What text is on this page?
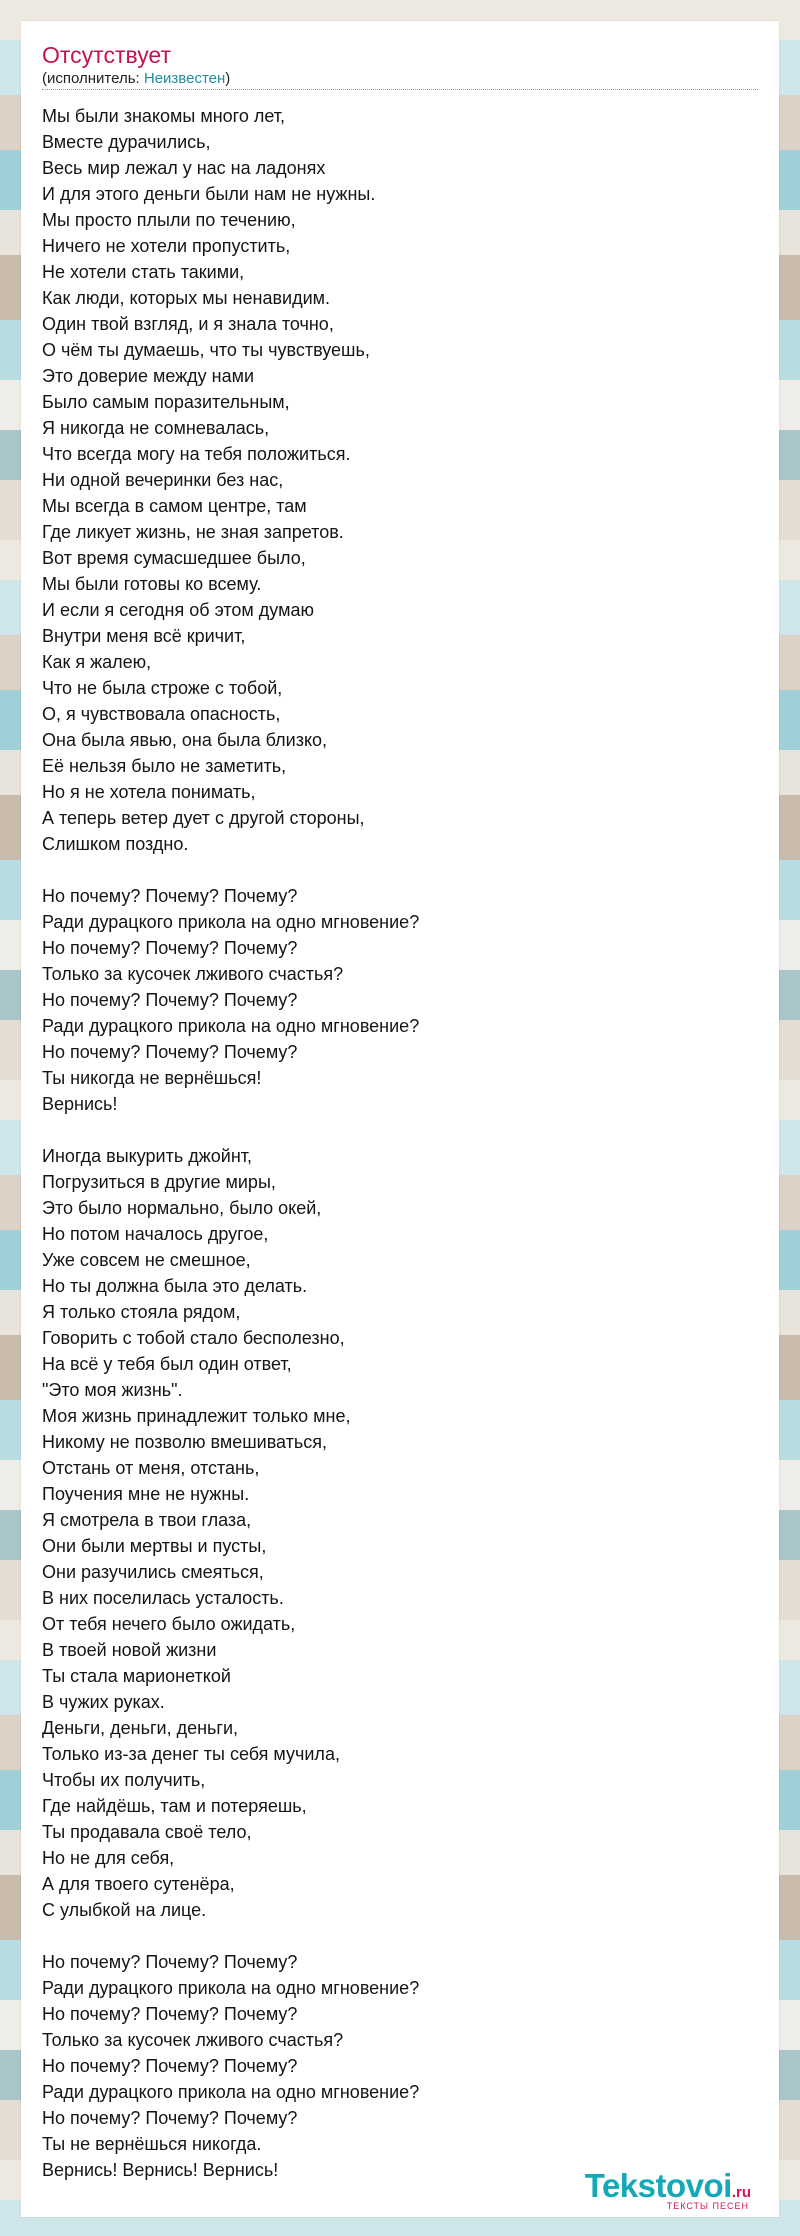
Отсутствует
(исполнитель: Неизвестен)
Мы были знакомы много лет,
Вместе дурачились,
Весь мир лежал у нас на ладонях
И для этого деньги были нам не нужны.
Мы просто плыли по течению,
Ничего не хотели пропустить,
Не хотели стать такими,
Как люди, которых мы ненавидим.
Один твой взгляд, и я знала точно,
О чём ты думаешь, что ты чувствуешь,
Это доверие между нами
Было самым поразительным,
Я никогда не сомневалась,
Что всегда могу на тебя положиться.
Ни одной вечеринки без нас,
Мы всегда в самом центре, там
Где ликует жизнь, не зная запретов.
Вот время сумасшедшее было,
Мы были готовы ко всему.
И если я сегодня об этом думаю
Внутри меня всё кричит,
Как я жалею,
Что не была строже с тобой,
О, я чувствовала опасность,
Она была явью, она была близко,
Её нельзя было не заметить,
Но я не хотела понимать,
А теперь ветер дует с другой стороны,
Слишком поздно.
Но почему? Почему? Почему?
Ради дурацкого прикола на одно мгновение?
Но почему? Почему? Почему?
Только за кусочек лживого счастья?
Но почему? Почему? Почему?
Ради дурацкого прикола на одно мгновение?
Но почему? Почему? Почему?
Ты никогда не вернёшься!
Вернись!
Иногда выкурить джойнт,
Погрузиться в другие миры,
Это было нормально, было окей,
Но потом началось другое,
Уже совсем не смешное,
Но ты должна была это делать.
Я только стояла рядом,
Говорить с тобой стало бесполезно,
На всё у тебя был один ответ,
"Это моя жизнь".
Моя жизнь принадлежит только мне,
Никому не позволю вмешиваться,
Отстань от меня, отстань,
Поучения мне не нужны.
Я смотрела в твои глаза,
Они были мертвы и пусты,
Они разучились смеяться,
В них поселилась усталость.
От тебя нечего было ожидать,
В твоей новой жизни
Ты стала марионеткой
В чужих руках.
Деньги, деньги, деньги,
Только из-за денег ты себя мучила,
Чтобы их получить,
Где найдёшь, там и потеряешь,
Ты продавала своё тело,
Но не для себя,
А для твоего сутенёра,
С улыбкой на лице.
Но почему? Почему? Почему?
Ради дурацкого прикола на одно мгновение?
Но почему? Почему? Почему?
Только за кусочек лживого счастья?
Но почему? Почему? Почему?
Ради дурацкого прикола на одно мгновение?
Но почему? Почему? Почему?
Ты не вернёшься никогда.
Вернись! Вернись! Вернись!	Tekstovoi.ru
ТЕКСТЫ ПЕСЕН
